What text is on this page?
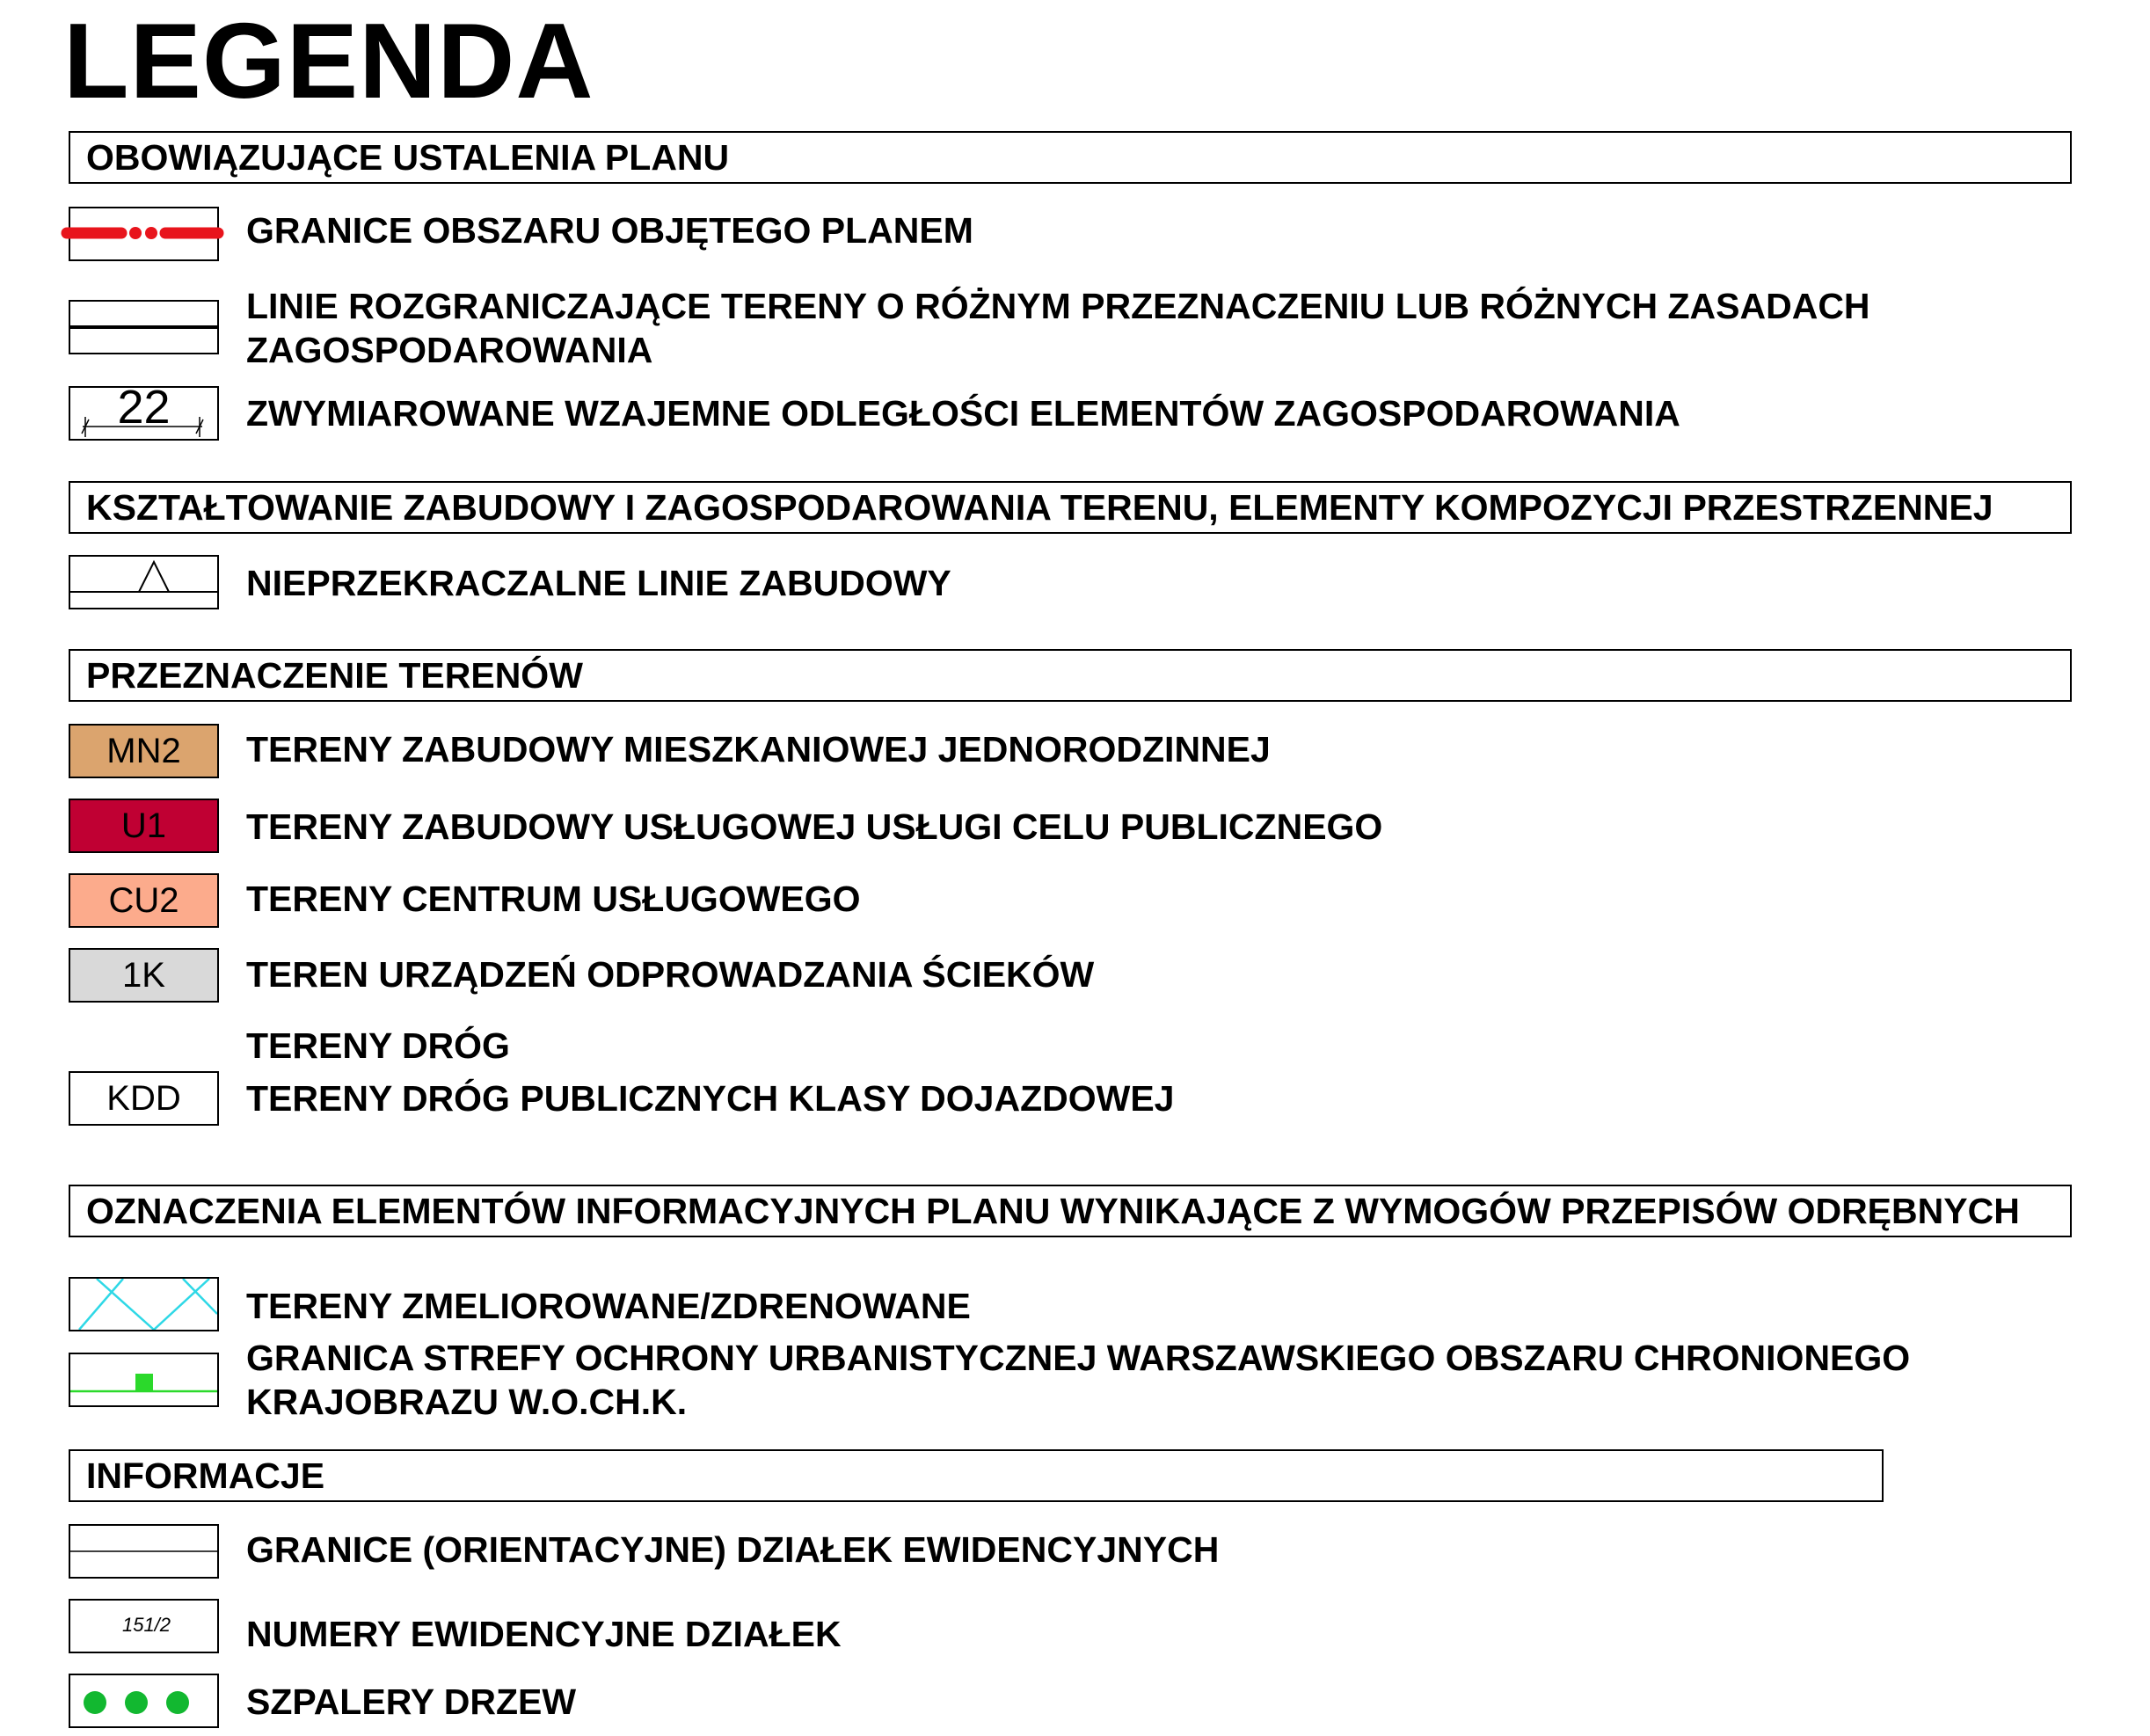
LEGENDA
OBOWIĄZUJĄCE USTALENIA PLANU
GRANICE OBSZARU OBJĘTEGO PLANEM
LINIE ROZGRANICZAJĄCE TERENY O RÓŻNYM PRZEZNACZENIU LUB RÓŻNYCH ZASADACH
ZAGOSPODAROWANIA
22	ZWYMIAROWANE WZAJEMNE ODLEGŁOŚCI ELEMENTÓW ZAGOSPODAROWANIA
KSZTAŁTOWANIE ZABUDOWY I ZAGOSPODAROWANIA TERENU, ELEMENTY KOMPOZYCJI PRZESTRZENNEJ
NIEPRZEKRACZALNE LINIE ZABUDOWY
PRZEZNACZENIE TERENÓW
MN2	TERENY ZABUDOWY MIESZKANIOWEJ JEDNORODZINNEJ
U1	TERENY ZABUDOWY USŁUGOWEJ USŁUGI CELU PUBLICZNEGO
CU2	TERENY CENTRUM USŁUGOWEGO
1K	TEREN URZĄDZEŃ ODPROWADZANIA ŚCIEKÓW
TERENY DRÓG
KDD	TERENY DRÓG PUBLICZNYCH KLASY DOJAZDOWEJ
OZNACZENIA ELEMENTÓW INFORMACYJNYCH PLANU WYNIKAJĄCE Z WYMOGÓW PRZEPISÓW ODRĘBNYCH
TERENY ZMELIOROWANE/ZDRENOWANE
GRANICA STREFY OCHRONY URBANISTYCZNEJ WARSZAWSKIEGO OBSZARU CHRONIONEGO
KRAJOBRAZU W.O.CH.K.
INFORMACJE
GRANICE (ORIENTACYJNE) DZIAŁEK EWIDENCYJNYCH
151/2	NUMERY EWIDENCYJNE DZIAŁEK
SZPALERY DRZEW
